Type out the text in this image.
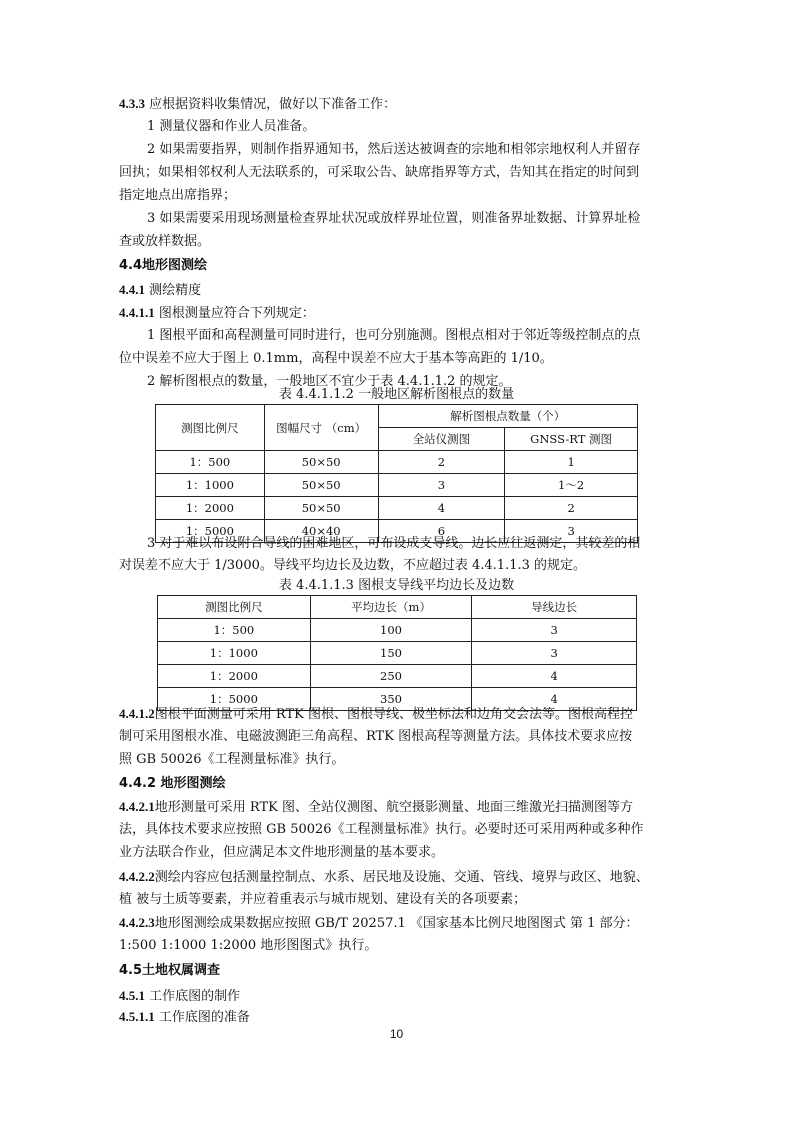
4.3.3 应根据资料收集情况，做好以下准备工作：
1 测量仪器和作业人员准备。
2 如果需要指界，则制作指界通知书，然后送达被调查的宗地和相邻宗地权利人并留存
回执；如果相邻权利人无法联系的，可采取公告、缺席指界等方式，告知其在指定的时间到
指定地点出席指界；
3 如果需要采用现场测量检查界址状况或放样界址位置，则准备界址数据、计算界址检
查或放样数据。
4.4地形图测绘
4.4.1 测绘精度
4.4.1.1 图根测量应符合下列规定：
1 图根平面和高程测量可同时进行，也可分别施测。图根点相对于邻近等级控制点的点
位中误差不应大于图上 0.1mm，高程中误差不应大于基本等高距的 1/10。
2 解析图根点的数量，一般地区不宜少于表 4.4.1.1.2 的规定。
表 4.4.1.1.2 一般地区解析图根点的数量
测图比例尺	图幅尺寸 （cm）	解析图根点数量（个）	
		全站仪测图	GNSS-RT 测图
1：500	50×50	2	1
1：1000	50×50	3	1～2
1：2000	50×50	4	2
1：5000	40×40	6	3
3 对于难以布设附合导线的困难地区，可布设成支导线。边长应往返测定，其较差的相
对误差不应大于 1/3000。导线平均边长及边数，不应超过表 4.4.1.1.3 的规定。
表 4.4.1.1.3 图根支导线平均边长及边数
测图比例尺	平均边长（m）	导线边长
1：500	100	3
1：1000	150	3
1：2000	250	4
1：5000	350	4
4.4.1.2图根平面测量可采用 RTK 图根、图根导线、极坐标法和边角交会法等。图根高程控
制可采用图根水准、电磁波测距三角高程、RTK 图根高程等测量方法。具体技术要求应按
照 GB 50026《工程测量标准》执行。
4.4.2 地形图测绘
4.4.2.1地形测量可采用 RTK 图、全站仪测图、航空摄影测量、地面三维激光扫描测图等方
法，具体技术要求应按照 GB 50026《工程测量标准》执行。必要时还可采用两种或多种作
业方法联合作业，但应满足本文件地形测量的基本要求。
4.4.2.2测绘内容应包括测量控制点、水系、居民地及设施、交通、管线、境界与政区、地貌、
植 被与土质等要素，并应着重表示与城市规划、建设有关的各项要素；
4.4.2.3地形图测绘成果数据应按照 GB/T 20257.1 《国家基本比例尺地图图式 第 1 部分：
1:500 1:1000 1:2000 地形图图式》执行。
4.5土地权属调查
4.5.1 工作底图的制作
4.5.1.1 工作底图的准备
10
